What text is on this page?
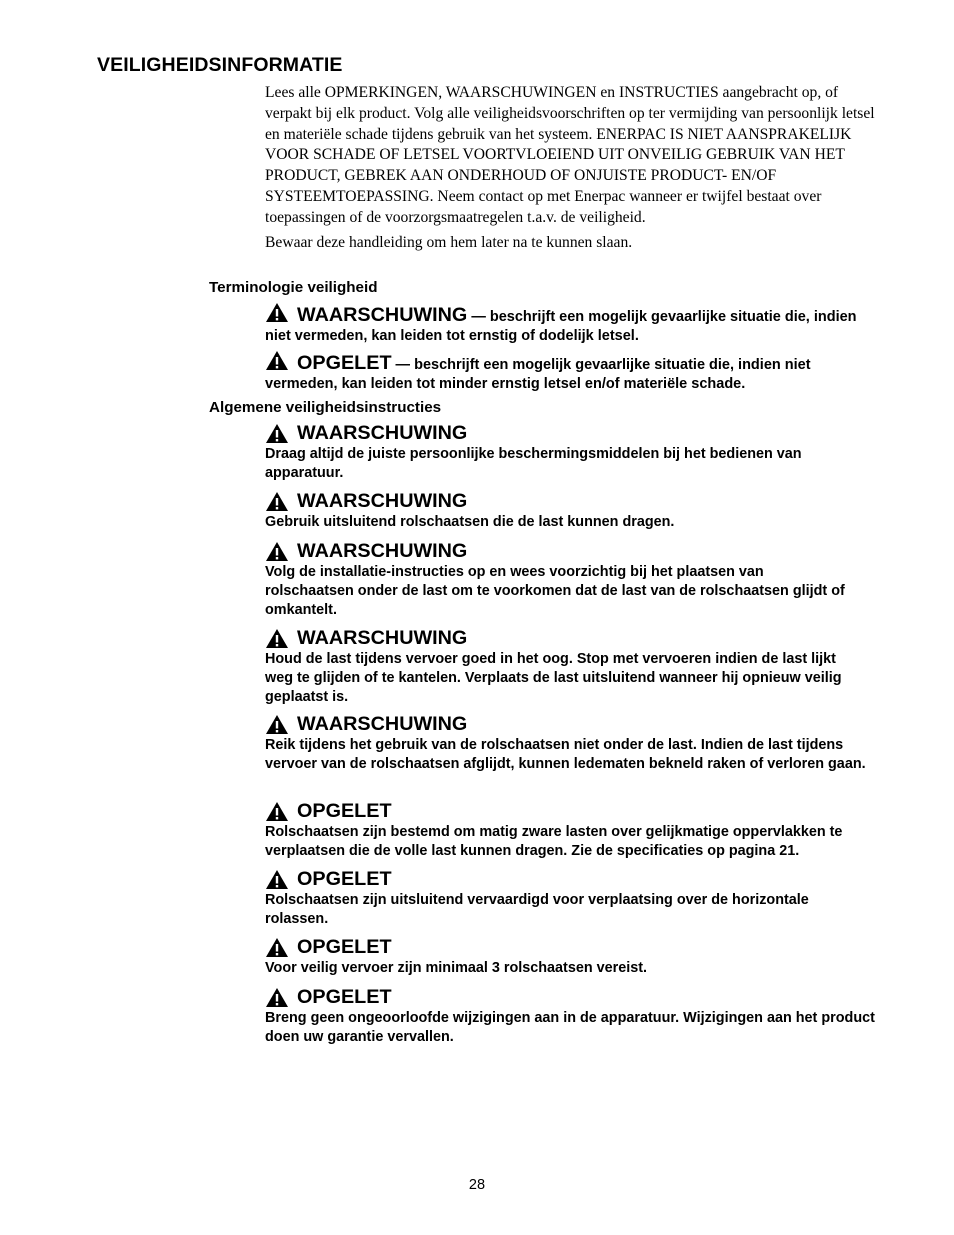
VEILIGHEIDSINFORMATIE

Lees alle OPMERKINGEN, WAARSCHUWINGEN en INSTRUCTIES aangebracht op, of verpakt bij elk product. Volg alle veiligheidsvoorschriften op ter vermijding van persoonlijk letsel en materiële schade tijdens gebruik van het systeem. ENERPAC IS NIET AANSPRAKELIJK VOOR SCHADE OF LETSEL VOORTVLOEIEND UIT ONVEILIG GEBRUIK VAN HET PRODUCT, GEBREK AAN ONDERHOUD OF ONJUISTE PRODUCT- EN/OF SYSTEEMTOEPASSING. Neem contact op met Enerpac wanneer er twijfel bestaat over toepassingen of de voorzorgsmaatregelen t.a.v. de veiligheid.

Bewaar deze handleiding om hem later na te kunnen slaan.

Terminologie veiligheid
WAARSCHUWING — beschrijft een mogelijk gevaarlijke situatie die, indien niet vermeden, kan leiden tot ernstig of dodelijk letsel.
OPGELET — beschrijft een mogelijk gevaarlijke situatie die, indien niet vermeden, kan leiden tot minder ernstig letsel en/of materiële schade.
Algemene veiligheidsinstructies
WAARSCHUWING
Draag altijd de juiste persoonlijke beschermingsmiddelen bij het bedienen van apparatuur.
WAARSCHUWING
Gebruik uitsluitend rolschaatsen die de last kunnen dragen.
WAARSCHUWING
Volg de installatie-instructies op en wees voorzichtig bij het plaatsen van rolschaatsen onder de last om te voorkomen dat de last van de rolschaatsen glijdt of omkantelt.
WAARSCHUWING
Houd de last tijdens vervoer goed in het oog. Stop met vervoeren indien de last lijkt weg te glijden of te kantelen. Verplaats de last uitsluitend wanneer hij opnieuw veilig geplaatst is.
WAARSCHUWING
Reik tijdens het gebruik van de rolschaatsen niet onder de last. Indien de last tijdens vervoer van de rolschaatsen afglijdt, kunnen ledematen bekneld raken of verloren gaan.
OPGELET
Rolschaatsen zijn bestemd om matig zware lasten over gelijkmatige oppervlakken te verplaatsen die de volle last kunnen dragen. Zie de specificaties op pagina 21.
OPGELET
Rolschaatsen zijn uitsluitend vervaardigd voor verplaatsing over de horizontale rolassen.
OPGELET
Voor veilig vervoer zijn minimaal 3 rolschaatsen vereist.
OPGELET
Breng geen ongeoorloofde wijzigingen aan in de apparatuur. Wijzigingen aan het product doen uw garantie vervallen.
28
